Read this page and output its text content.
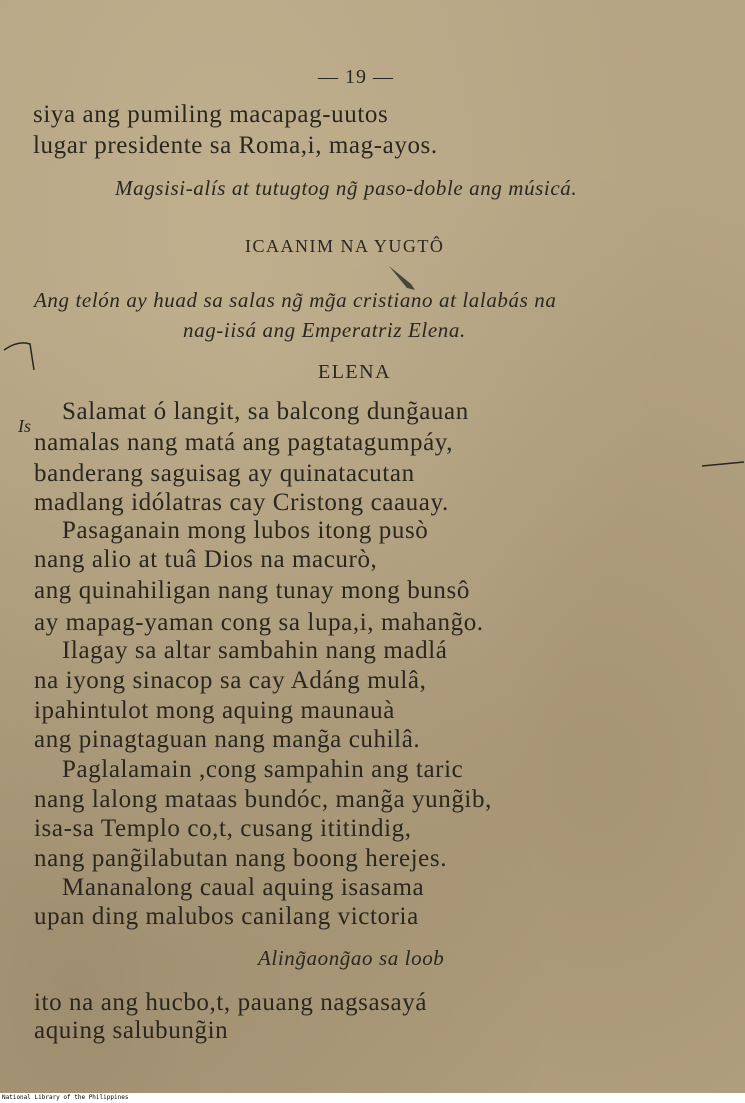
— 19 —
siya ang pumiling macapag-uutos
lugar presidente sa Roma,i, mag-ayos.
Magsisi-alís at tutugtog ng̃ paso-doble ang músicá.
ICAANIM NA YUGTÔ
Ang telón ay huad sa salas ng̃ mg̃a cristiano at lalabás na
nag-iisá ang Emperatriz Elena.
ELENA
Is
Salamat ó langit, sa balcong dung̃auan
namalas nang matá ang pagtatagumpáy,
banderang saguisag ay quinatacutan
madlang idólatras cay Cristong caauay.
Pasaganain mong lubos itong pusò
nang alio at tuâ Dios na macurò,
ang quinahiligan nang tunay mong bunsô
ay mapag-yaman cong sa lupa,i, mahang̃o.
Ilagay sa altar sambahin nang madlá
na iyong sinacop sa cay Adáng mulâ,
ipahintulot mong aquing maunauà
ang pinagtaguan nang mang̃a cuhilâ.
Paglalamain ,cong sampahin ang taric
nang lalong mataas bundóc, mang̃a yung̃ib,
isa-sa Templo co,t, cusang ititindig,
nang pang̃ilabutan nang boong herejes.
Mananalong caual aquing isasama
upan ding malubos canilang victoria
Aling̃aong̃ao sa loob
ito na ang hucbo,t, pauang nagsasayá
aquing salubung̃in
National Library of the Philippines
